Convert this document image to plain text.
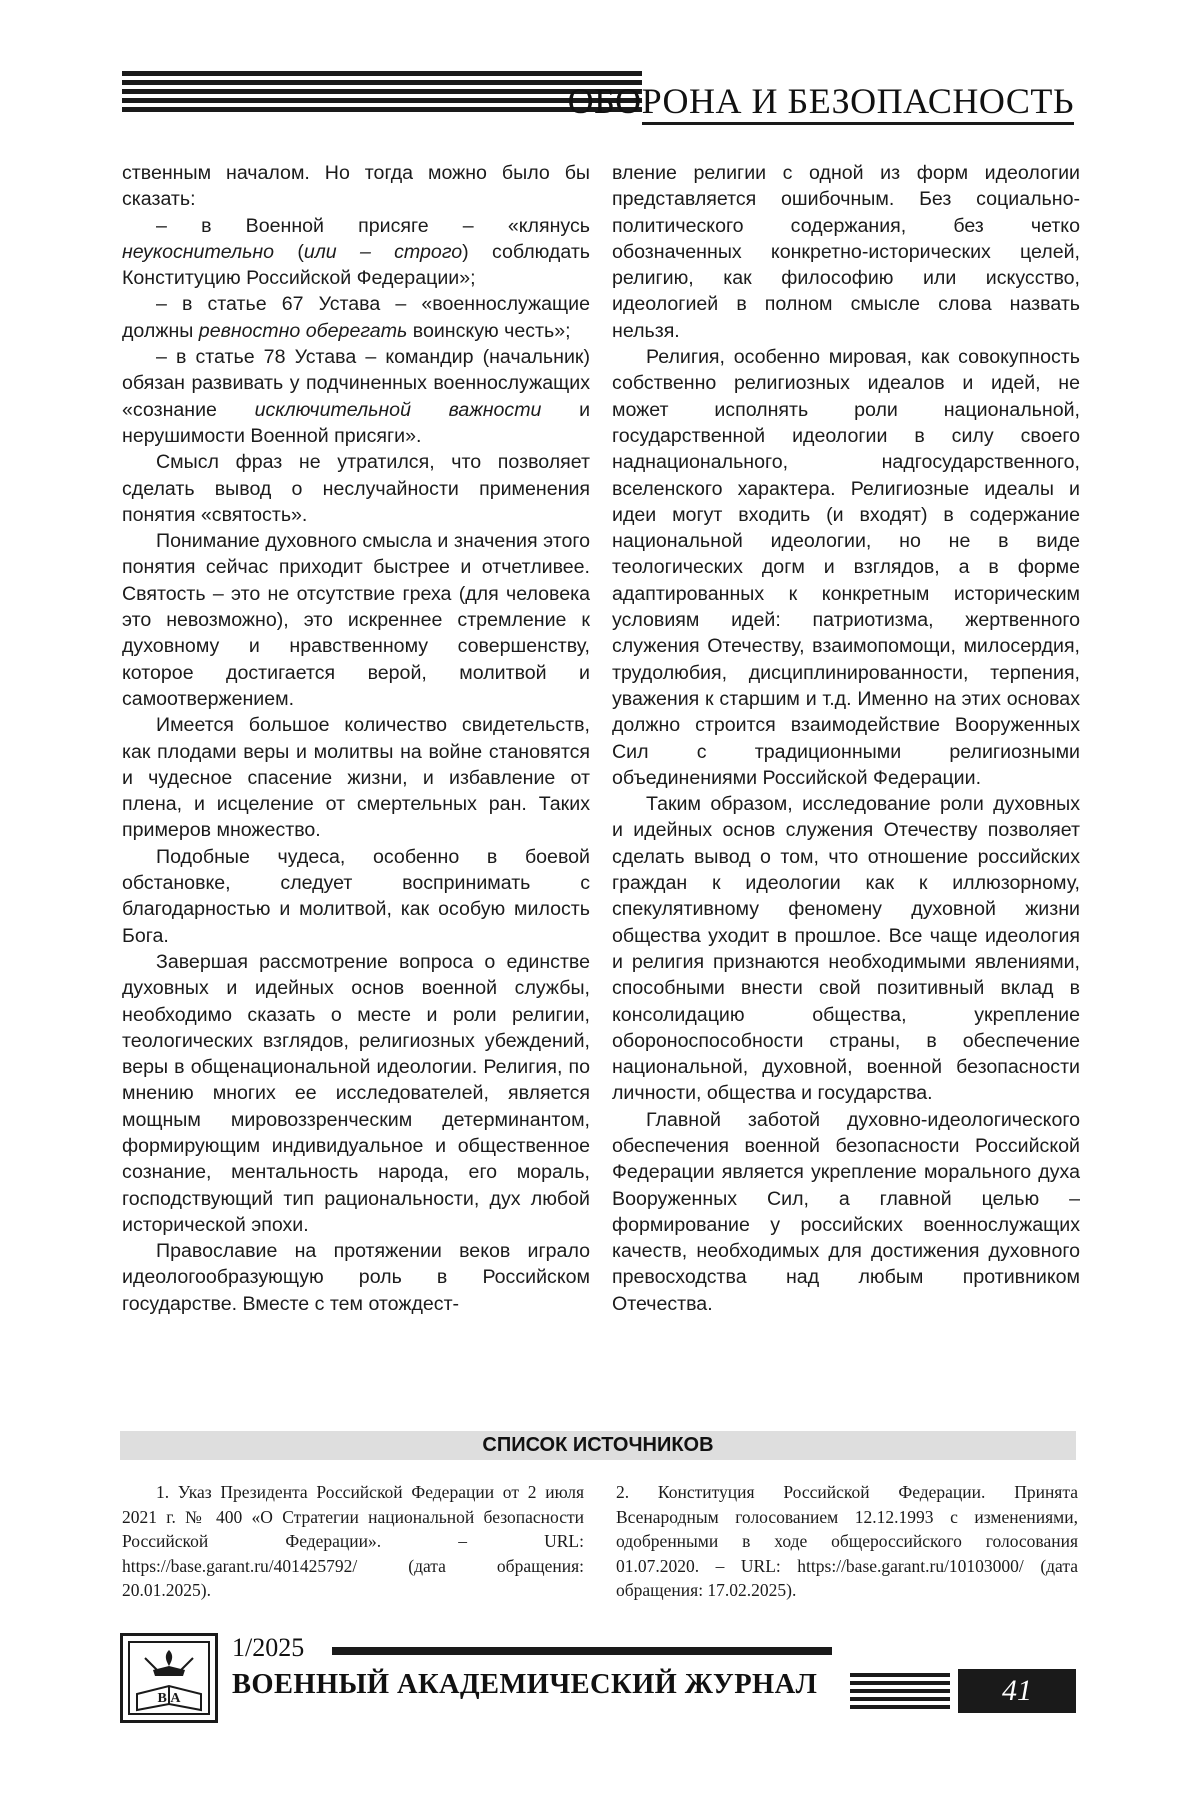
ОБОРОНА И БЕЗОПАСНОСТЬ

ственным началом. Но тогда можно было бы сказать:

– в Военной присяге – «клянусь неукоснительно (или – строго) соблюдать Конституцию Российской Федерации»;

– в статье 67 Устава – «военнослужащие должны ревностно оберегать воинскую честь»;

– в статье 78 Устава – командир (начальник) обязан развивать у подчиненных военнослужащих «сознание исключительной важности и нерушимости Военной присяги».

Смысл фраз не утратился, что позволяет сделать вывод о неслучайности применения понятия «святость».

Понимание духовного смысла и значения этого понятия сейчас приходит быстрее и отчетливее. Святость – это не отсутствие греха (для человека это невозможно), это искреннее стремление к духовному и нравственному совершенству, которое достигается верой, молитвой и самоотвержением.

Имеется большое количество свидетельств, как плодами веры и молитвы на войне становятся и чудесное спасение жизни, и избавление от плена, и исцеление от смертельных ран. Таких примеров множество.

Подобные чудеса, особенно в боевой обстановке, следует воспринимать с благодарностью и молитвой, как особую милость Бога.

Завершая рассмотрение вопроса о единстве духовных и идейных основ военной службы, необходимо сказать о месте и роли религии, теологических взглядов, религиозных убеждений, веры в общенациональной идеологии. Религия, по мнению многих ее исследователей, является мощным мировоззренческим детерминантом, формирующим индивидуальное и общественное сознание, ментальность народа, его мораль, господствующий тип рациональности, дух любой исторической эпохи.

Православие на протяжении веков играло идеологообразующую роль в Российском государстве. Вместе с тем отождест-

вление религии с одной из форм идеологии представляется ошибочным. Без социально-политического содержания, без четко обозначенных конкретно-исторических целей, религию, как философию или искусство, идеологией в полном смысле слова назвать нельзя.

Религия, особенно мировая, как совокупность собственно религиозных идеалов и идей, не может исполнять роли национальной, государственной идеологии в силу своего наднационального, надгосударственного, вселенского характера. Религиозные идеалы и идеи могут входить (и входят) в содержание национальной идеологии, но не в виде теологических догм и взглядов, а в форме адаптированных к конкретным историческим условиям идей: патриотизма, жертвенного служения Отечеству, взаимопомощи, милосердия, трудолюбия, дисциплинированности, терпения, уважения к старшим и т.д. Именно на этих основах должно строится взаимодействие Вооруженных Сил с традиционными религиозными объединениями Российской Федерации.

Таким образом, исследование роли духовных и идейных основ служения Отечеству позволяет сделать вывод о том, что отношение российских граждан к идеологии как к иллюзорному, спекулятивному феномену духовной жизни общества уходит в прошлое. Все чаще идеология и религия признаются необходимыми явлениями, способными внести свой позитивный вклад в консолидацию общества, укрепление обороноспособности страны, в обеспечение национальной, духовной, военной безопасности личности, общества и государства.

Главной заботой духовно-идеологического обеспечения военной безопасности Российской Федерации является укрепление морального духа Вооруженных Сил, а главной целью – формирование у российских военнослужащих качеств, необходимых для достижения духовного превосходства над любым противником Отечества.

СПИСОК ИСТОЧНИКОВ
1. Указ Президента Российской Федерации от 2 июля 2021 г. № 400 «О Стратегии национальной безопасности Российской Федерации». – URL: https://base.garant.ru/401425792/ (дата обращения: 20.01.2025).
2. Конституция Российской Федерации. Принята Всенародным голосованием 12.12.1993 с изменениями, одобренными в ходе общероссийского голосования 01.07.2020. – URL: https://base.garant.ru/10103000/ (дата обращения: 17.02.2025).
В А
1/2025
ВОЕННЫЙ АКАДЕМИЧЕСКИЙ ЖУРНАЛ	41
